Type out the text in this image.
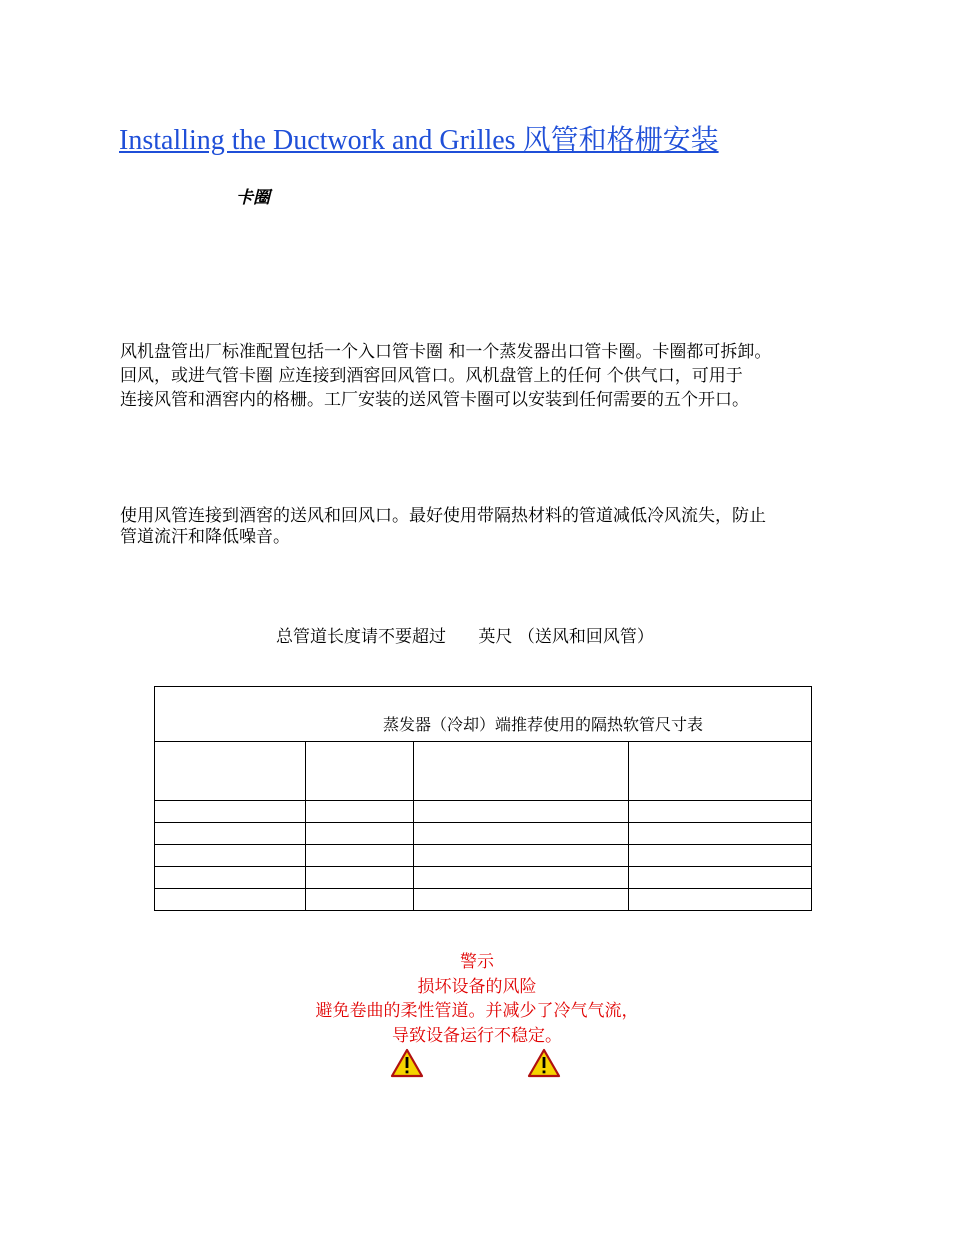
Installing the Ductwork and Grilles 风管和格栅安装
卡圈
风机盘管出厂标准配置包括一个入口管卡圈 和一个蒸发器出口管卡圈。卡圈都可拆卸。
回风，或进气管卡圈 应连接到酒窖回风管口。风机盘管上的任何 个供气口，可用于
连接风管和酒窖内的格栅。工厂安装的送风管卡圈可以安装到任何需要的五个开口。
使用风管连接到酒窖的送风和回风口。最好使用带隔热材料的管道减低冷风流失，防止
管道流汗和降低噪音。
总管道长度请不要超过      英尺 （送风和回风管）
蒸发器（冷却）端推荐使用的隔热软管尺寸表			

警示
损坏设备的风险
避免卷曲的柔性管道。并减少了冷气气流，
导致设备运行不稳定。
